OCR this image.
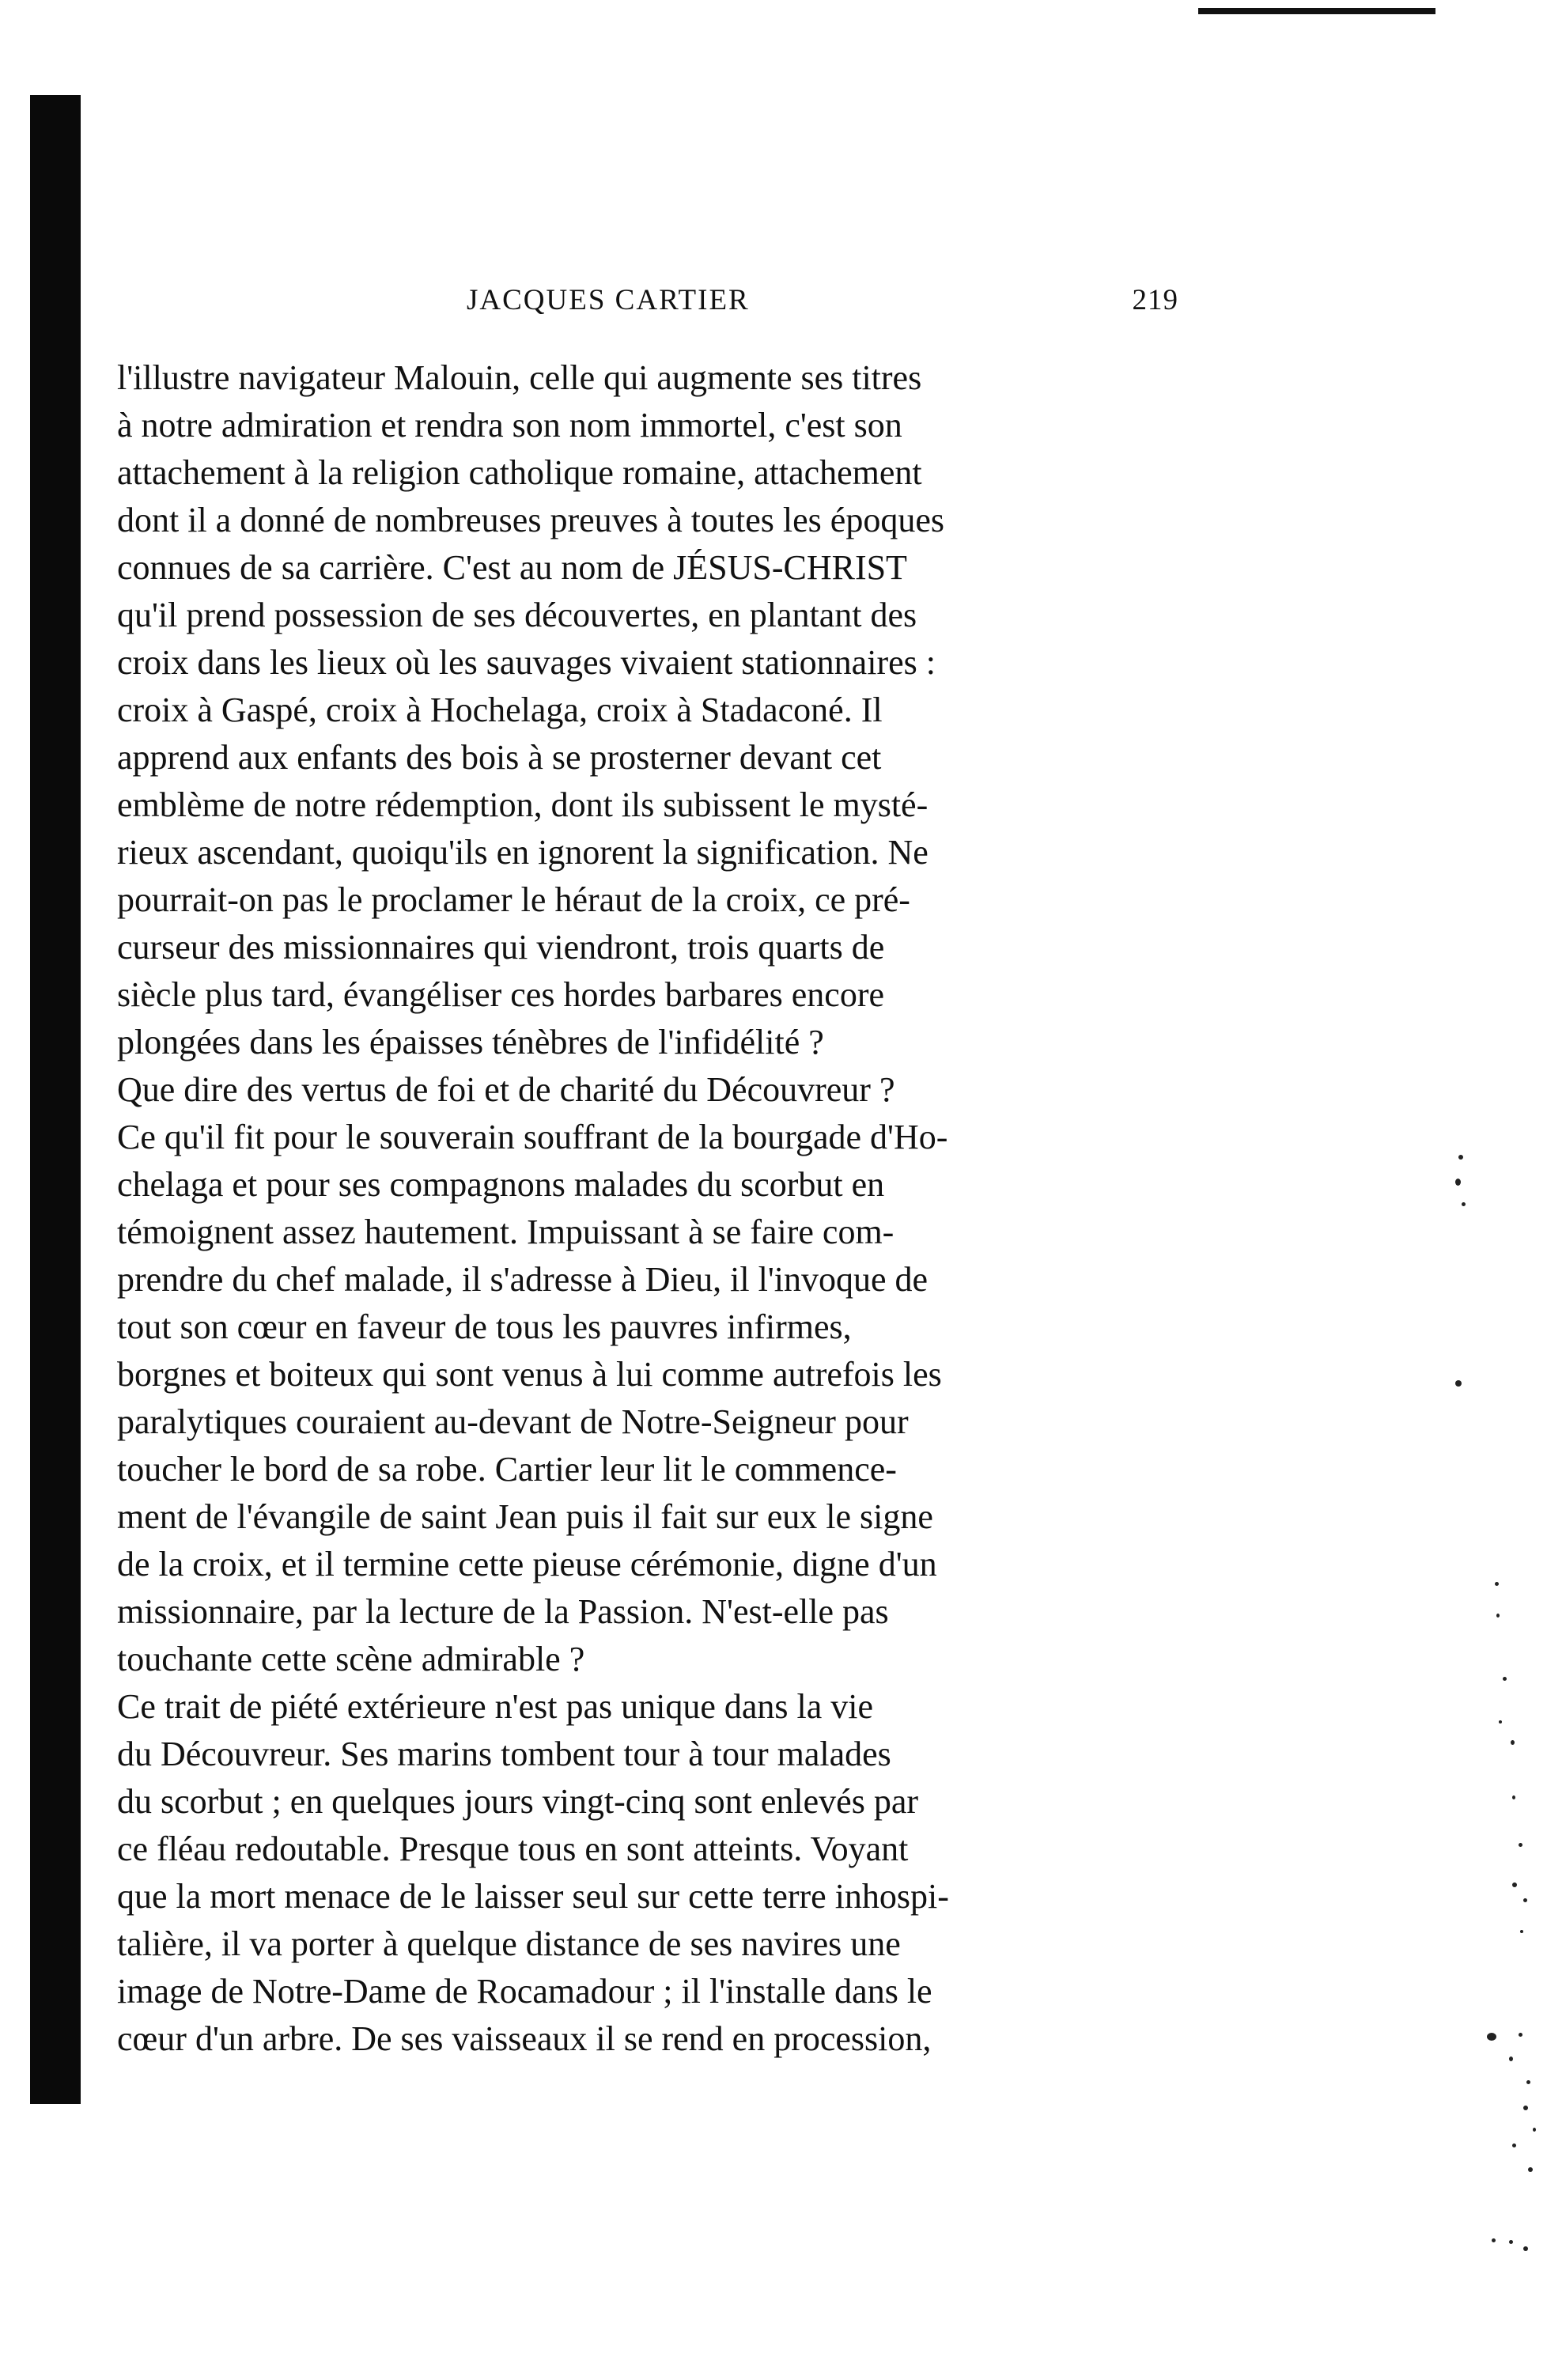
JACQUES CARTIER	219
l'illustre navigateur Malouin, celle qui augmente ses titres
à notre admiration et rendra son nom immortel, c'est son
attachement à la religion catholique romaine, attachement
dont il a donné de nombreuses preuves à toutes les époques
connues de sa carrière. C'est au nom de JÉSUS-CHRIST
qu'il prend possession de ses découvertes, en plantant des
croix dans les lieux où les sauvages vivaient stationnaires :
croix à Gaspé, croix à Hochelaga, croix à Stadaconé. Il
apprend aux enfants des bois à se prosterner devant cet
emblème de notre rédemption, dont ils subissent le mysté-
rieux ascendant, quoiqu'ils en ignorent la signification. Ne
pourrait-on pas le proclamer le héraut de la croix, ce pré-
curseur des missionnaires qui viendront, trois quarts de
siècle plus tard, évangéliser ces hordes barbares encore
plongées dans les épaisses ténèbres de l'infidélité ?
Que dire des vertus de foi et de charité du Découvreur ?
Ce qu'il fit pour le souverain souffrant de la bourgade d'Ho-
chelaga et pour ses compagnons malades du scorbut en
témoignent assez hautement. Impuissant à se faire com-
prendre du chef malade, il s'adresse à Dieu, il l'invoque de
tout son cœur en faveur de tous les pauvres infirmes,
borgnes et boiteux qui sont venus à lui comme autrefois les
paralytiques couraient au-devant de Notre-Seigneur pour
toucher le bord de sa robe. Cartier leur lit le commence-
ment de l'évangile de saint Jean puis il fait sur eux le signe
de la croix, et il termine cette pieuse cérémonie, digne d'un
missionnaire, par la lecture de la Passion. N'est-elle pas
touchante cette scène admirable ?
Ce trait de piété extérieure n'est pas unique dans la vie
du Découvreur. Ses marins tombent tour à tour malades
du scorbut ; en quelques jours vingt-cinq sont enlevés par
ce fléau redoutable. Presque tous en sont atteints. Voyant
que la mort menace de le laisser seul sur cette terre inhospi-
talière, il va porter à quelque distance de ses navires une
image de Notre-Dame de Rocamadour ; il l'installe dans le
cœur d'un arbre. De ses vaisseaux il se rend en procession,
